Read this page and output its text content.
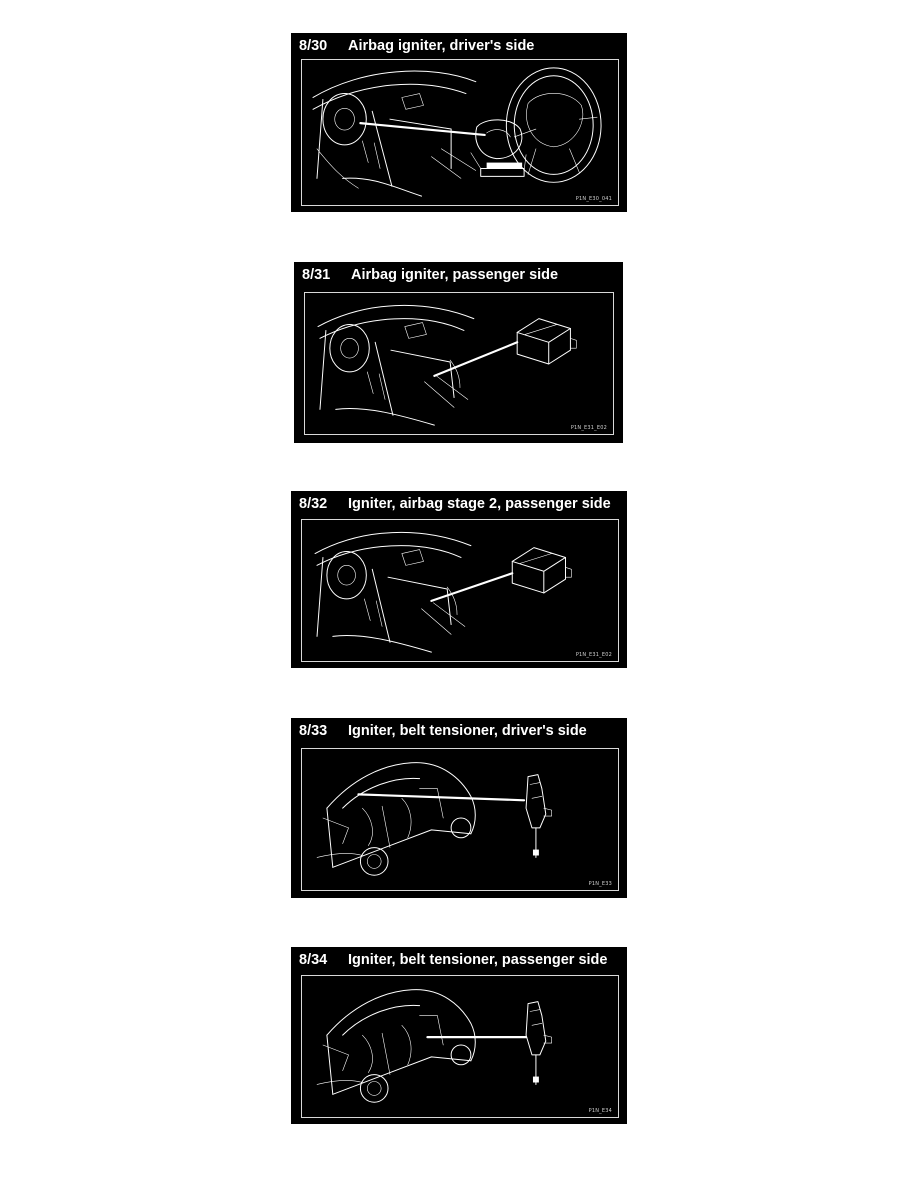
8/30 Airbag igniter, driver's side
P1N_E30_041
8/31 Airbag igniter, passenger side
P1N_E31_E02
8/32 Igniter, airbag stage 2, passenger side
P1N_E31_E02
8/33 Igniter, belt tensioner, driver's side
P1N_E33
8/34 Igniter, belt tensioner, passenger side
P1N_E34
